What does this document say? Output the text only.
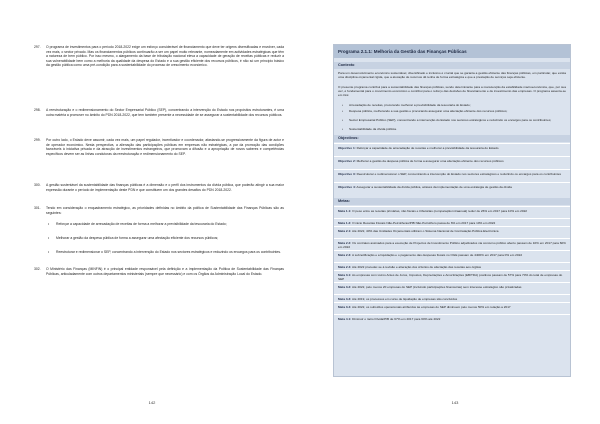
297.	O programa de investimentos para o período 2018-2022 exige um esforço considerável de financiamento que deve ter origens diversificadas e envolver, cada vez mais, o sector privado. Mas os financiamentos públicos continuarão a ser um papel muito relevante, nomeadamente em actividades estratégicas que têm a natureza de bem público. Por isso mesmo, o alargamento da base de tributação nacional eleva a capacidade de geração de receitas públicas e reduzir a sua vulnerabilidade bem como a melhoria da qualidade da despesa do Estado e a sua gestão eficiente dos recursos públicos, é não só um princípio básico da gestão pública como uma pré-condição para a sustentabilidade do processo de crescimento económico.
298.	A reestruturação e o redimensionamento do Sector Empresarial Público (SEP), concentrando a intervenção do Estado nos propósitos estruturantes, é uma outra matéria a promover no âmbito do PDN 2018-2022, que tem também presente a necessidade de se assegurar a sustentabilidade dos recursos públicos.
299.	Por outro lado, o Estado deve assumir, cada vez mais, um papel regulador, incentivador e coordenador, afastando-se progressivamente da figura de actor e de operador económico. Nesta perspectiva, a alienação das participações públicas em empresas não estratégicas, a par da promoção das condições favoráveis à iniciativa privada e da atracção de investimentos estrangeiros, que promovam a difusão e a apropriação de novos saberes e competências específicos devem ser as linhas condutoras da reestruturação e redimensionamento do SEP.
300.	A gestão sustentável da sustentabilidade das finanças públicas é a dimensão e o perfil dos instrumentos da dívida pública, que poderão atingir a sua maior expressão durante o período de implementação deste PDN e que constituem um dos grandes desafios do PDN 2018-2022.
301.	Tendo em consideração o enquadramento estratégico, as prioridades definidas no âmbito da política de Sustentabilidade das Finanças Públicas são as seguintes:
•	Reforçar a capacidade de arrecadação de receitas de forma a melhorar a previsibilidade da tesouraria do Estado;
•	Melhorar a gestão da despesa pública de forma a assegurar uma afectação eficiente dos recursos públicos;
•	Reestruturar e redimensionar o SEP, concentrando a intervenção do Estado nos sectores estratégicos e reduzindo os encargos para os contribuintes.
302.	O Ministério das Finanças (MINFIN) é o principal entidade responsável pela definição e a implementação da Política de Sustentabilidade das Finanças Públicas, articuladamente com outros departamentos ministeriais (sempre que necessário) e com os Órgãos da Administração Local do Estado.
142	143
Programa 2.1.1: Melhoria da Gestão das Finanças Públicas
Contexto
Para um desenvolvimento económico sustentável, diversificado e inclusivo é crucial que se garanta a gestão eficiente das finanças públicas, em particular, que exista uma disciplina orçamental rígida, que a alocação de recursos dê tenha de forma estratégica e que a prestação de serviços seja eficiente.
O presente programa contribui para a sustentabilidade das finanças públicas, sendo determinante para a manutenção da estabilidade macroeconómica, que, por sua vez, é fundamental para o crescimento económico e contribui para o reforço das decisões de financiamento e de investimento das empresas. O programa assenta-se em três:
•	Arrecadação de receitas, procurando melhorar a previsibilidade da tesouraria do Estado;
•	Despesa pública, melhorando a sua gestão e procurando assegurar uma afectação eficiente dos recursos públicos;
•	Sector Empresarial Público (SEP), concentrando a intervenção do Estado nos sectores estratégicos e reduzindo os encargos para os contribuintes;
•	Sustentabilidade da dívida pública.
Objectivos:
Objectivo 1: Reforçar a capacidade de arrecadação de receitas e melhorar a previsibilidade da tesouraria do Estado
Objectivo 2: Melhorar a gestão da despesa pública de forma a assegurar uma afectação eficiente dos recursos públicos
Objectivo 3: Reestruturar e redimensionar o SEP, concentrando a intervenção do Estado nos sectores estratégicos e reduzindo os encargos para os contribuintes
Objectivo 4: Assegurar a sustentabilidade da dívida pública, através da implementação de uma estratégia de gestão da dívida
Metas:
Meta 1.1: O peso entre as receitas primárias, não fiscais e tributárias (comparação intraanual) reduz de 26% em 2017 para 10% em 2022
Meta 1.2: O rácio Receitas Fiscais Não-Petrolíferas/PIB Não-Petrolífero passa de 6% em 2017 para 10% em 2022
Meta 2.1: Até 2022, 40% das Unidades Orçamentais utilizam o Sistema Nacional de Contratação Pública Electrónica
Meta 2.2: Os contratos assinados para a execução de Projectos de Investimento Público adjudicados via concurso público aberto passam de 10% em 2017 para 60% em 2022
Meta 2.3: A subnotificação e a liquidação e o pagamento das despesas fiscais no OGE passam de 4400% em 2017 para 0% em 2022
Meta 2.4: Até 2022 proceder-se à revisão e alteração dos critérios de afectação das receitas aos órgãos
Meta 3.1: As empresas com Livros Antes de Juros, Impostos, Depreciações e Amortizações (EBITDA) positivos passam de 57% para 70% do total de empresas do SEP
Meta 3.2: Até 2022, pelo menos 20 empresas do SEP (incluindo participações financeiras) sem interesse estratégico são privatizadas
Meta 3.3: Até 2019, os processos em curso de liquidação de empresas são concluídos
Meta 3.4: Até 2022, os subsídios operacionais atribuídos às empresas do SEP diminuem pelo menos 50% em relação a 2017
Meta 4.1: Diminuir o rácio Dívida/PIB de 67% em 2017 para 60% até 2022
